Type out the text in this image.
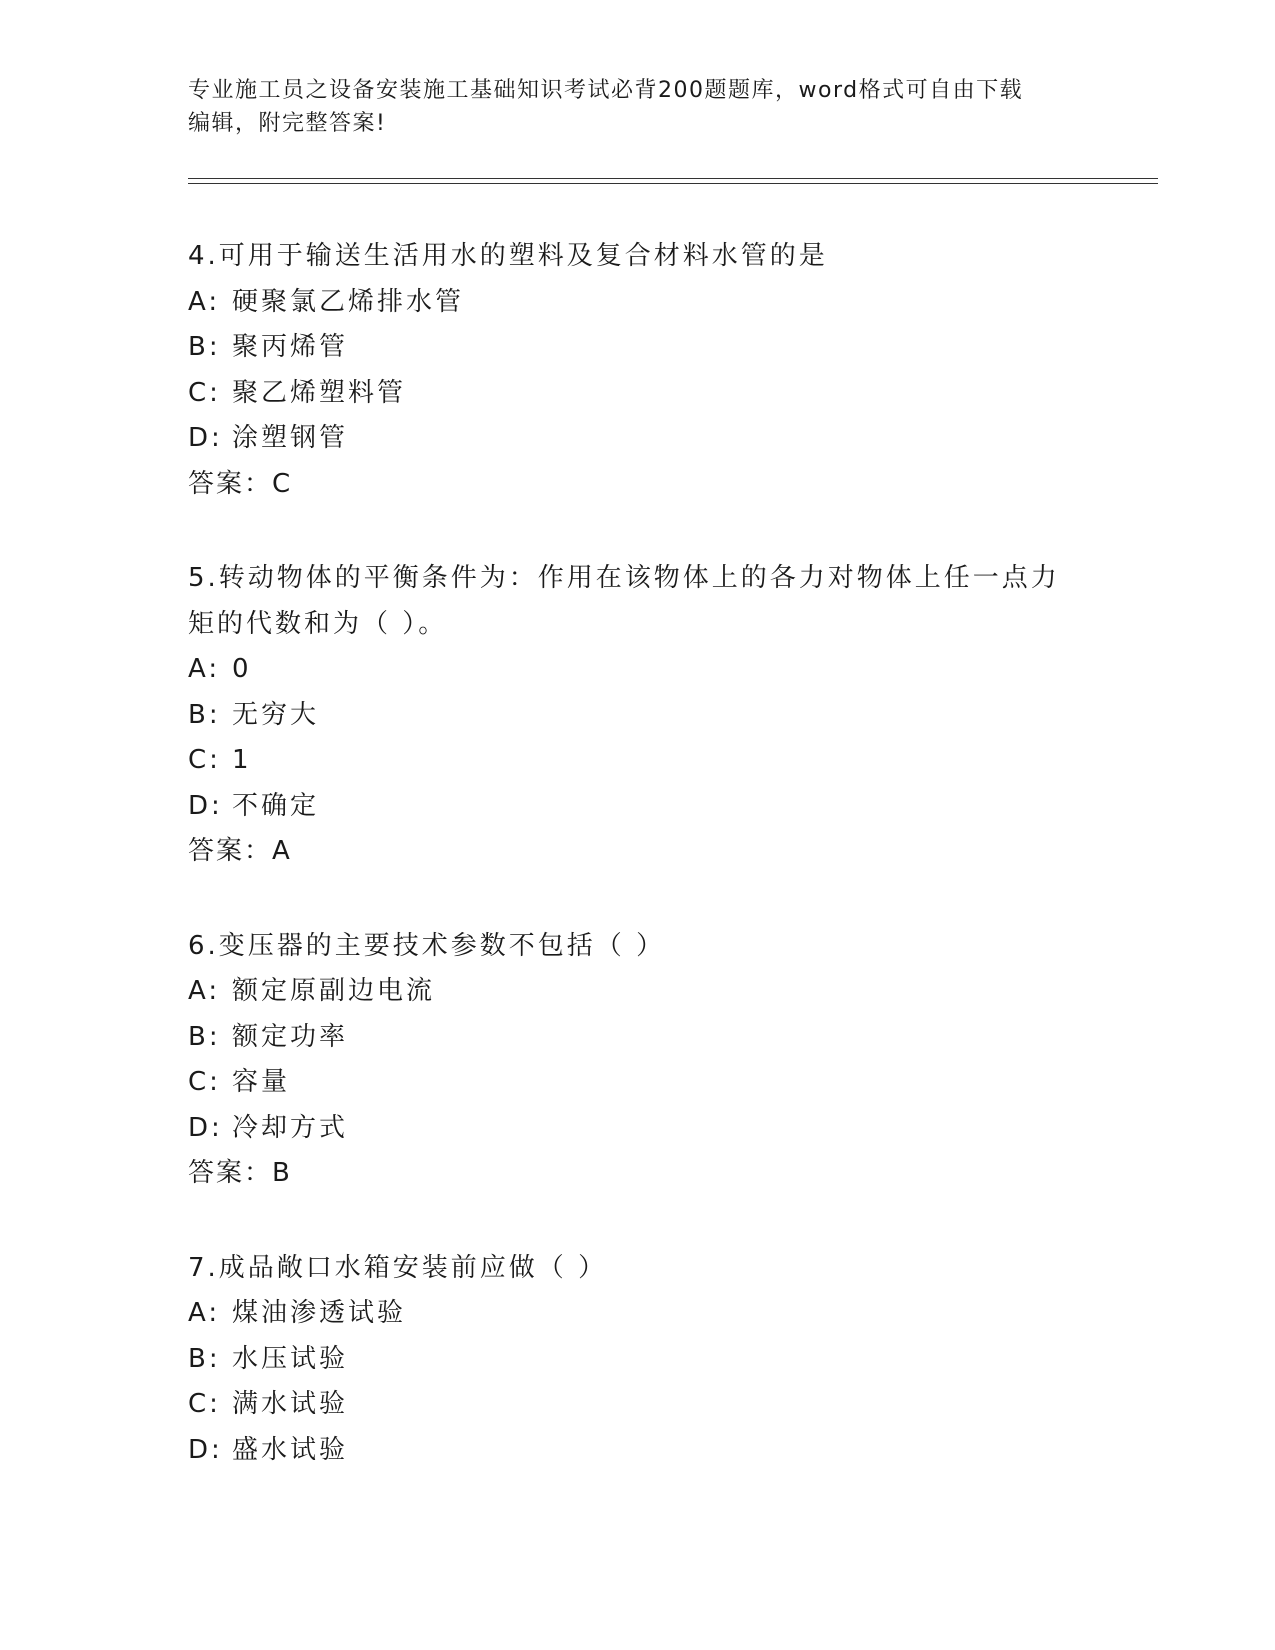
专业施工员之设备安装施工基础知识考试必背200题题库，word格式可自由下载
编辑，附完整答案!
4.可用于输送生活用水的塑料及复合材料水管的是
A: 硬聚氯乙烯排水管
B: 聚丙烯管
C: 聚乙烯塑料管
D: 涂塑钢管
答案：C
5.转动物体的平衡条件为：作用在该物体上的各力对物体上任一点力
矩的代数和为（ ）。
A: 0
B: 无穷大
C: 1
D: 不确定
答案：A
6.变压器的主要技术参数不包括（ ）
A: 额定原副边电流
B: 额定功率
C: 容量
D: 冷却方式
答案：B
7.成品敞口水箱安装前应做（ ）
A: 煤油渗透试验
B: 水压试验
C: 满水试验
D: 盛水试验
